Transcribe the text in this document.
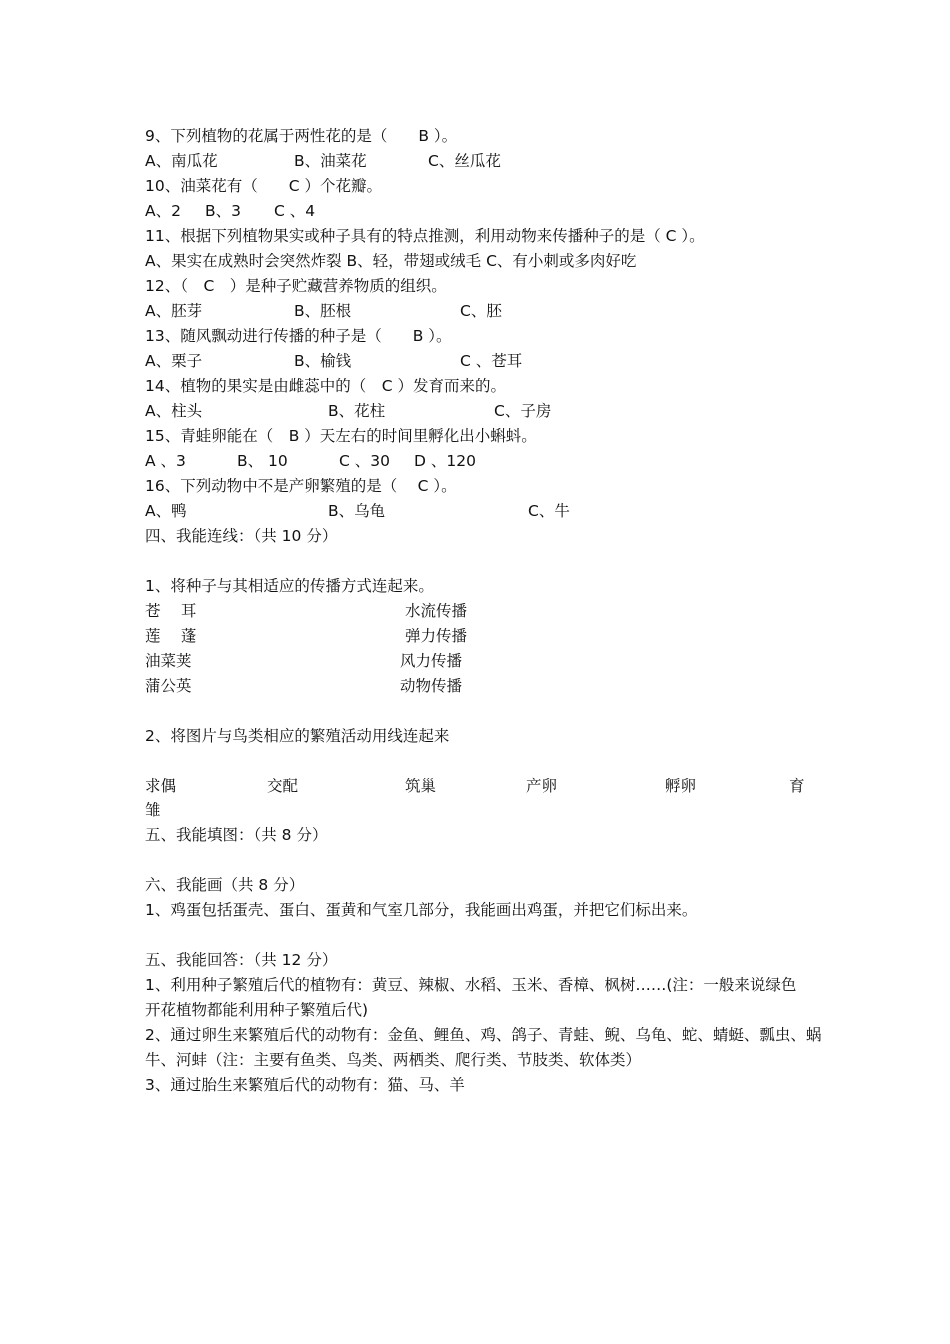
9、下列植物的花属于两性花的是（　　B ）。
A、南瓜花	B、油菜花	C、丝瓜花
10、油菜花有（　　C ）个花瓣。
A、2 B、3 C 、4
11、根据下列植物果实或种子具有的特点推测，利用动物来传播种子的是（ C ）。
A、果实在成熟时会突然炸裂 B、轻，带翅或绒毛 C、有小刺或多肉好吃
12、（　C　）是种子贮藏营养物质的组织。
A、胚芽	B、胚根	C、胚
13、随风飘动进行传播的种子是（　　B ）。
A、栗子	B、榆钱	C 、苍耳
14、植物的果实是由雌蕊中的（　C ）发育而来的。
A、柱头	B、花柱	C、子房
15、青蛙卵能在（　B ）天左右的时间里孵化出小蝌蚪。
A 、3	B、 10	C 、30 D 、120
16、下列动物中不是产卵繁殖的是（　 C ）。
A、鸭	B、乌龟	C、牛
四、我能连线：（共 10 分）
1、将种子与其相适应的传播方式连起来。
苍　 耳	水流传播
莲　 蓬	弹力传播
油菜荚	风力传播
蒲公英	动物传播
2、将图片与鸟类相应的繁殖活动用线连起来
求偶	交配	筑巢	产卵	孵卵	育
雏
五、我能填图：（共 8 分）
六、我能画（共 8 分）
1、鸡蛋包括蛋壳、蛋白、蛋黄和气室几部分，我能画出鸡蛋，并把它们标出来。
五、我能回答：（共 12 分）
1、利用种子繁殖后代的植物有：黄豆、辣椒、水稻、玉米、香樟、枫树……(注：一般来说绿色
开花植物都能利用种子繁殖后代)
2、通过卵生来繁殖后代的动物有：金鱼、鲤鱼、鸡、鸽子、青蛙、鲵、乌龟、蛇、蜻蜓、瓢虫、蜗
牛、河蚌（注：主要有鱼类、鸟类、两栖类、爬行类、节肢类、软体类）
3、通过胎生来繁殖后代的动物有：猫、马、羊
